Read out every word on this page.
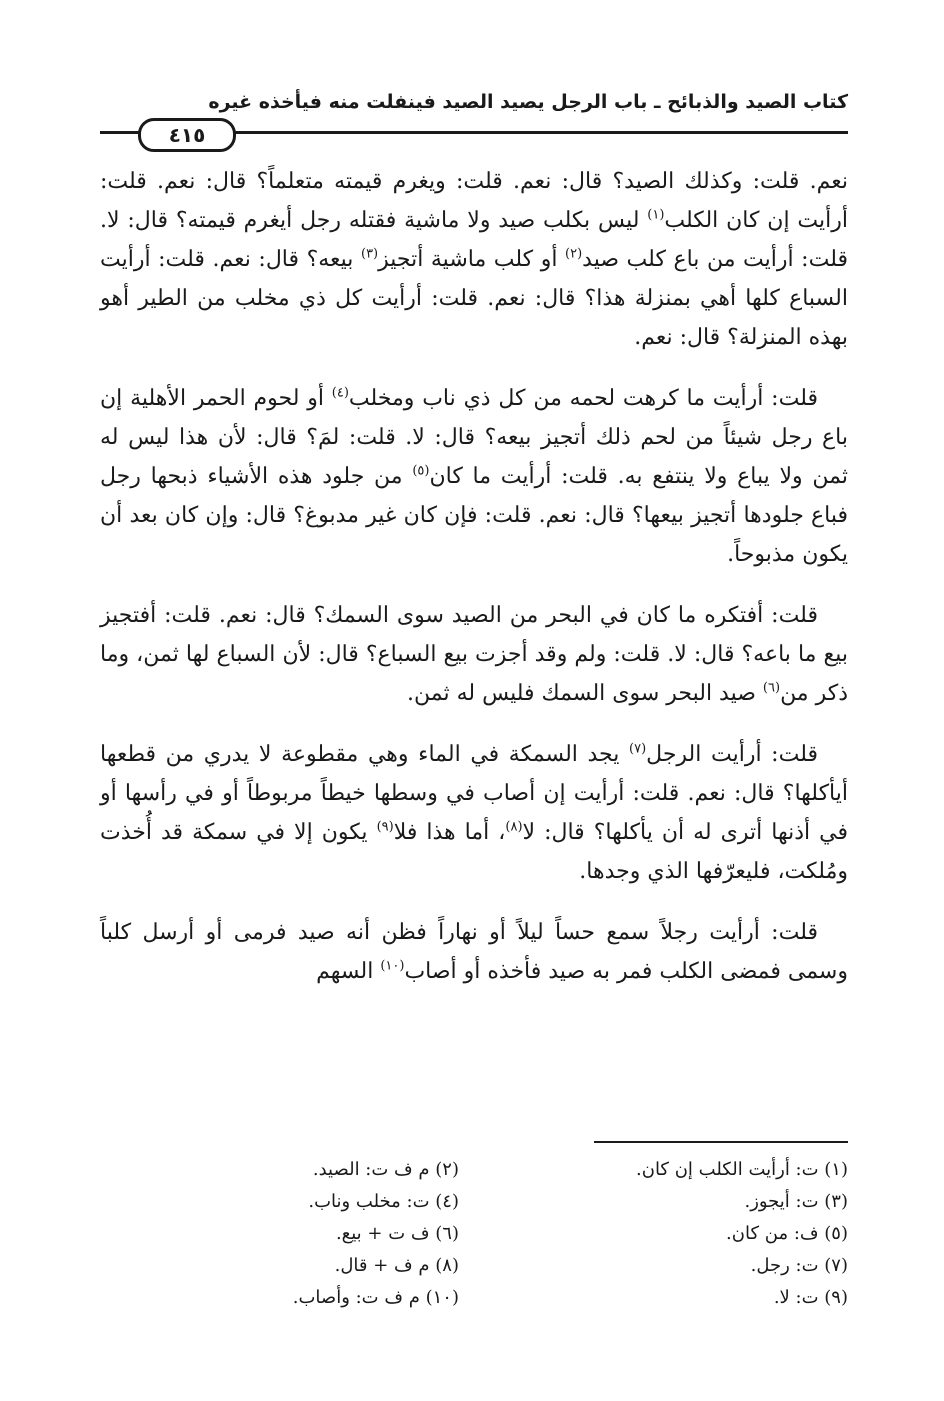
كتاب الصيد والذبائح ـ باب الرجل يصيد الصيد فينفلت منه فيأخذه غيره
٤١٥

نعم. قلت: وكذلك الصيد؟ قال: نعم. قلت: ويغرم قيمته متعلماً؟ قال: نعم. قلت: أرأيت إن كان الكلب$^{(١)}$ ليس بكلب صيد ولا ماشية فقتله رجل أيغرم قيمته؟ قال: لا. قلت: أرأيت من باع كلب صيد$^{(٢)}$ أو كلب ماشية أتجيز$^{(٣)}$ بيعه؟ قال: نعم. قلت: أرأيت السباع كلها أهي بمنزلة هذا؟ قال: نعم. قلت: أرأيت كل ذي مخلب من الطير أهو بهذه المنزلة؟ قال: نعم.

قلت: أرأيت ما كرهت لحمه من كل ذي ناب ومخلب$^{(٤)}$ أو لحوم الحمر الأهلية إن باع رجل شيئاً من لحم ذلك أتجيز بيعه؟ قال: لا. قلت: لمَ؟ قال: لأن هذا ليس له ثمن ولا يباع ولا ينتفع به. قلت: أرأيت ما كان$^{(٥)}$ من جلود هذه الأشياء ذبحها رجل فباع جلودها أتجيز بيعها؟ قال: نعم. قلت: فإن كان غير مدبوغ؟ قال: وإن كان بعد أن يكون مذبوحاً.

قلت: أفتكره ما كان في البحر من الصيد سوى السمك؟ قال: نعم. قلت: أفتجيز بيع ما باعه؟ قال: لا. قلت: ولم وقد أجزت بيع السباع؟ قال: لأن السباع لها ثمن، وما ذكر من$^{(٦)}$ صيد البحر سوى السمك فليس له ثمن.

قلت: أرأيت الرجل$^{(٧)}$ يجد السمكة في الماء وهي مقطوعة لا يدري من قطعها أيأكلها؟ قال: نعم. قلت: أرأيت إن أصاب في وسطها خيطاً مربوطاً أو في رأسها أو في أذنها أترى له أن يأكلها؟ قال: لا$^{(٨)}$، أما هذا فلا$^{(٩)}$ يكون إلا في سمكة قد أُخذت ومُلكت، فليعرّفها الذي وجدها.

قلت: أرأيت رجلاً سمع حساً ليلاً أو نهاراً فظن أنه صيد فرمى أو أرسل كلباً وسمى فمضى الكلب فمر به صيد فأخذه أو أصاب$^{(١٠)}$ السهم

(١) ت: أرأيت الكلب إن كان.
(٢) م ف ت: الصيد.
(٣) ت: أيجوز.
(٤) ت: مخلب وناب.
(٥) ف: من كان.
(٦) ف ت + بيع.
(٧) ت: رجل.
(٨) م ف + قال.
(٩) ت: لا.
(١٠) م ف ت: وأصاب.
